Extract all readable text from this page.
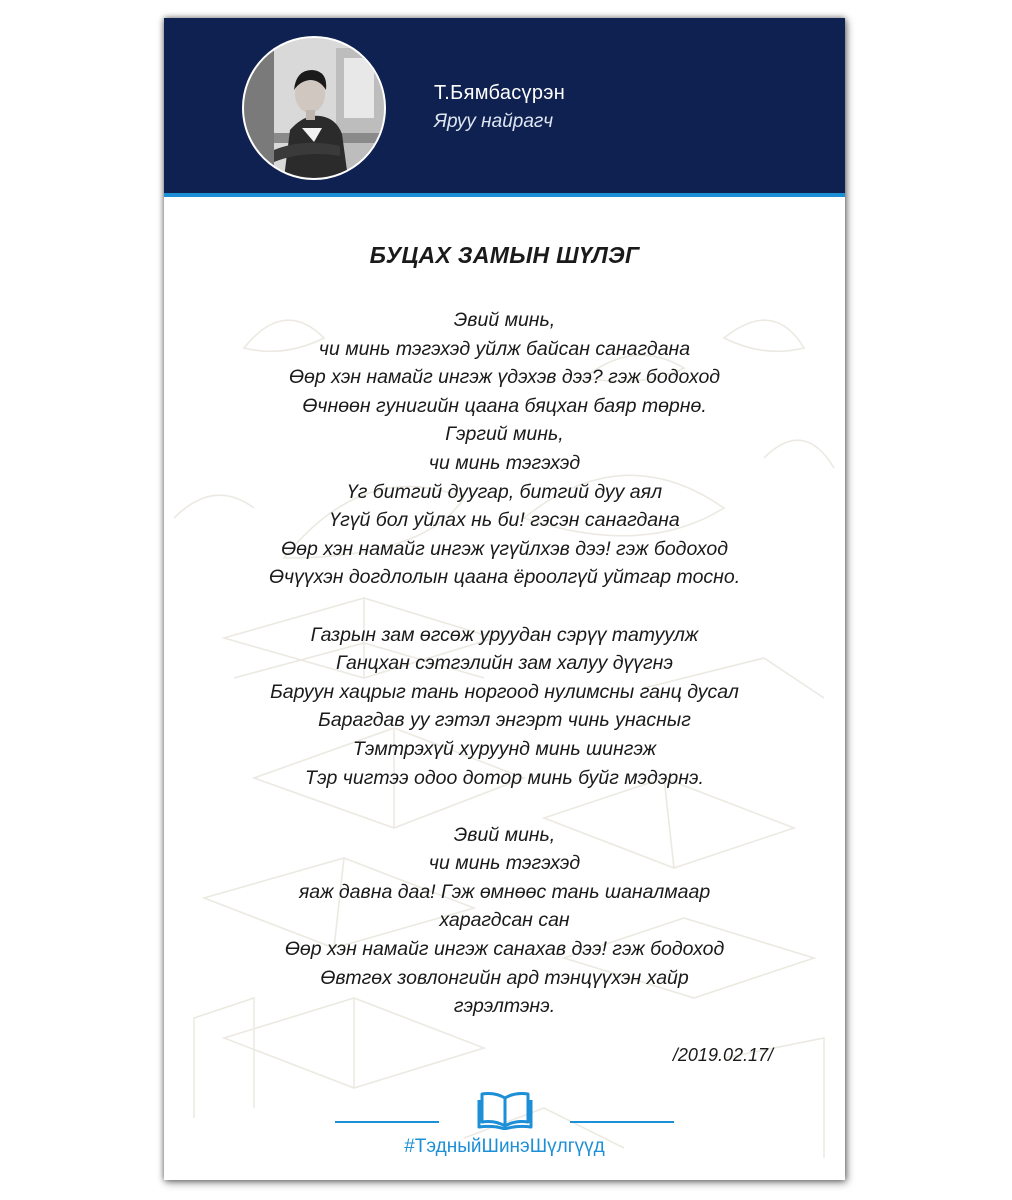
Т.Бямбасүрэн
Яруу найрагч
БУЦАХ ЗАМЫН ШҮЛЭГ
Эвий минь,
чи минь тэгэхэд уйлж байсан санагдана
Өөр хэн намайг ингэж үдэхэв дээ? гэж бодоход
Өчнөөн гунигийн цаана бяцхан баяр төрнө.
Гэргий минь,
чи минь тэгэхэд
Үг битгий дуугар, битгий дуу аял
Үгүй бол уйлах нь би! гэсэн санагдана
Өөр хэн намайг ингэж үгүйлхэв дээ! гэж бодоход
Өчүүхэн догдлолын цаана ёроолгүй уйтгар тосно.
Газрын зам өгсөж уруудан сэрүү татуулж
Ганцхан сэтгэлийн зам халуу дүүгнэ
Баруун хацрыг тань норгоод нулимсны ганц дусал
Барагдав уу гэтэл энгэрт чинь унасныг
Тэмтрэхүй хуруунд минь шингэж
Тэр чигтээ одоо дотор минь буйг мэдэрнэ.
Эвий минь,
чи минь тэгэхэд
яаж давна даа! Гэж өмнөөс тань шаналмаар
харагдсан сан
Өөр хэн намайг ингэж санахав дээ! гэж бодоход
Өвтгөх зовлонгийн ард тэнцүүхэн хайр
гэрэлтэнэ.
/2019.02.17/
#ТэдныйШинэШүлгүүд
